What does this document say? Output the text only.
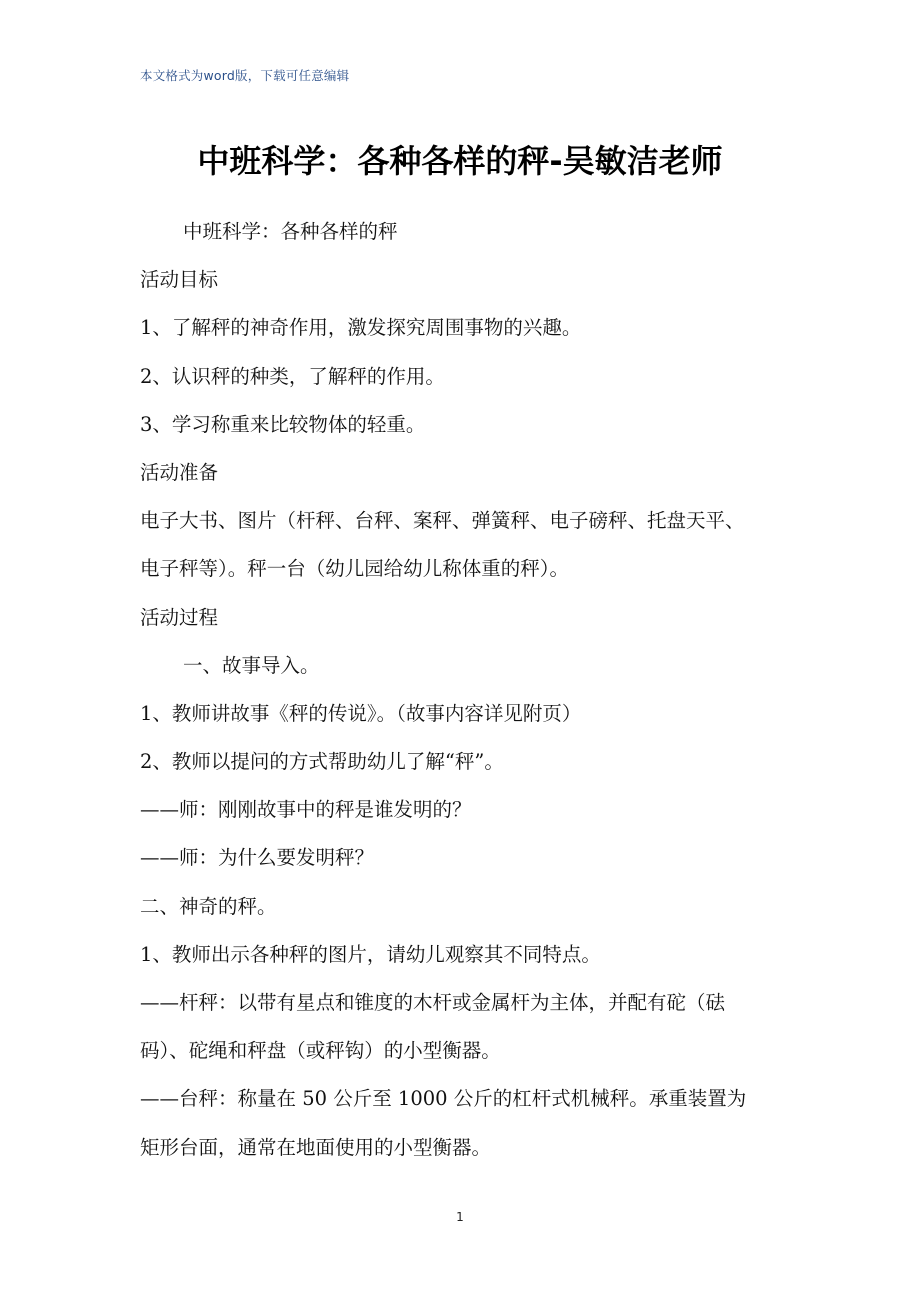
本文格式为word版，下载可任意编辑
中班科学：各种各样的秤-吴敏洁老师
中班科学：各种各样的秤
活动目标
1、了解秤的神奇作用，激发探究周围事物的兴趣。
2、认识秤的种类，了解秤的作用。
3、学习称重来比较物体的轻重。
活动准备
电子大书、图片（杆秤、台秤、案秤、弹簧秤、电子磅秤、托盘天平、
电子秤等）。秤一台（幼儿园给幼儿称体重的秤）。
活动过程
一、故事导入。
1、教师讲故事《秤的传说》。（故事内容详见附页）
2、教师以提问的方式帮助幼儿了解“秤”。
——师：刚刚故事中的秤是谁发明的？
——师：为什么要发明秤？
二、神奇的秤。
1、教师出示各种秤的图片，请幼儿观察其不同特点。
——杆秤：以带有星点和锥度的木杆或金属杆为主体，并配有砣（砝
码）、砣绳和秤盘（或秤钩）的小型衡器。
——台秤：称量在 50 公斤至 1000 公斤的杠杆式机械秤。承重装置为
矩形台面，通常在地面使用的小型衡器。
1
